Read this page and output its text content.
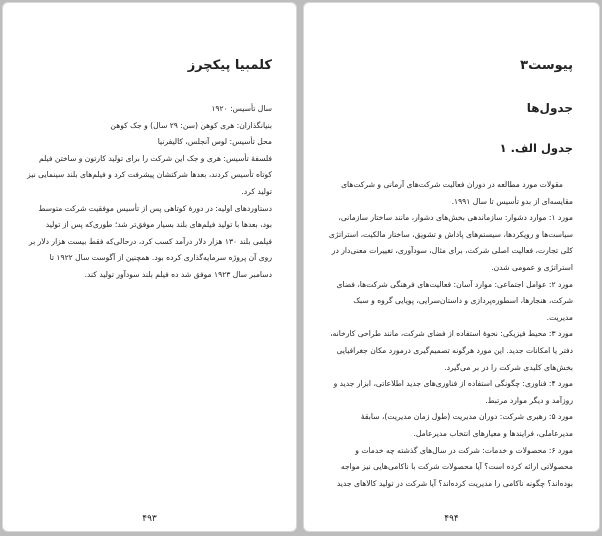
کلمبیا پیکچرز

سال تأسیس: ۱۹۲۰

بنیانگذاران: هری کوهن (سن: ۲۹ سال) و جک کوهن

محل تأسیس: لوس آنجلس، کالیفرنیا

فلسفهٔ تأسیس: هری و جک این شرکت را برای تولید کارتون و ساختن فیلم کوتاه تأسیس کردند، بعدها شرکتشان پیشرفت کرد و فیلم‌های بلند سینمایی نیز تولید کرد.

دستاوردهای اولیه: در دورهٔ کوتاهی پس از تأسیس موفقیت شرکت متوسط بود، بعدها با تولید فیلم‌های بلند بسیار موفق‌تر شد؛ طوری‌که پس از تولید فیلمی بلند ۱۳۰ هزار دلار درآمد کسب کرد، درحالی‌که فقط بیست هزار دلار بر روی آن پروژه سرمایه‌گذاری کرده بود. همچنین از آگوست سال ۱۹۲۲ تا دسامبر سال ۱۹۲۳ موفق شد ده فیلم بلند سودآور تولید کند.

۴۹۳
پیوست۳
جدول‌ها
جدول الف. ۱

مقولات مورد مطالعه در دوران فعالیت شرکت‌های آرمانی و شرکت‌های مقایسه‌ای از بدو تأسیس تا سال ۱۹۹۱.

مورد ۱: موارد دشوار: سازماندهی بخش‌های دشوار، مانند ساختار سازمانی، سیاست‌ها و رویکردها، سیستم‌های پاداش و تشویق، ساختار مالکیت، استراتژی کلی تجارت، فعالیت اصلی شرکت، برای مثال، سودآوری، تغییرات معنی‌دار در استراتژی و عمومی شدن.

مورد ۲: عوامل اجتماعی: موارد آسان: فعالیت‌های فرهنگی شرکت‌ها، فضای شرکت، هنجارها، اسطوره‌پردازی و داستان‌سرایی، پویایی گروه و سبک مدیریت.

مورد ۳: محیط فیزیکی: نحوهٔ استفاده از فضای شرکت، مانند طراحی کارخانه، دفتر یا امکانات جدید. این مورد هرگونه تصمیم‌گیری درمورد مکان جغرافیایی بخش‌های کلیدی شرکت را در بر می‌گیرد.

مورد ۴: فناوری: چگونگی استفاده از فناوری‌های جدید اطلاعاتی، ابزار جدید و روزآمد و دیگر موارد مرتبط.

مورد ۵: رهبری شرکت: دوران مدیریت (طول زمان مدیریت)، سابقهٔ مدیرعاملی، فرایندها و معیارهای انتخاب مدیرعامل.

مورد ۶: محصولات و خدمات: شرکت در سال‌های گذشته چه خدمات و محصولاتی ارائه کرده است؟ آیا محصولات شرکت با ناکامی‌هایی نیز مواجه بوده‌اند؟ چگونه ناکامی را مدیریت کرده‌اند؟ آیا شرکت در تولید کالاهای جدید

۴۹۴
